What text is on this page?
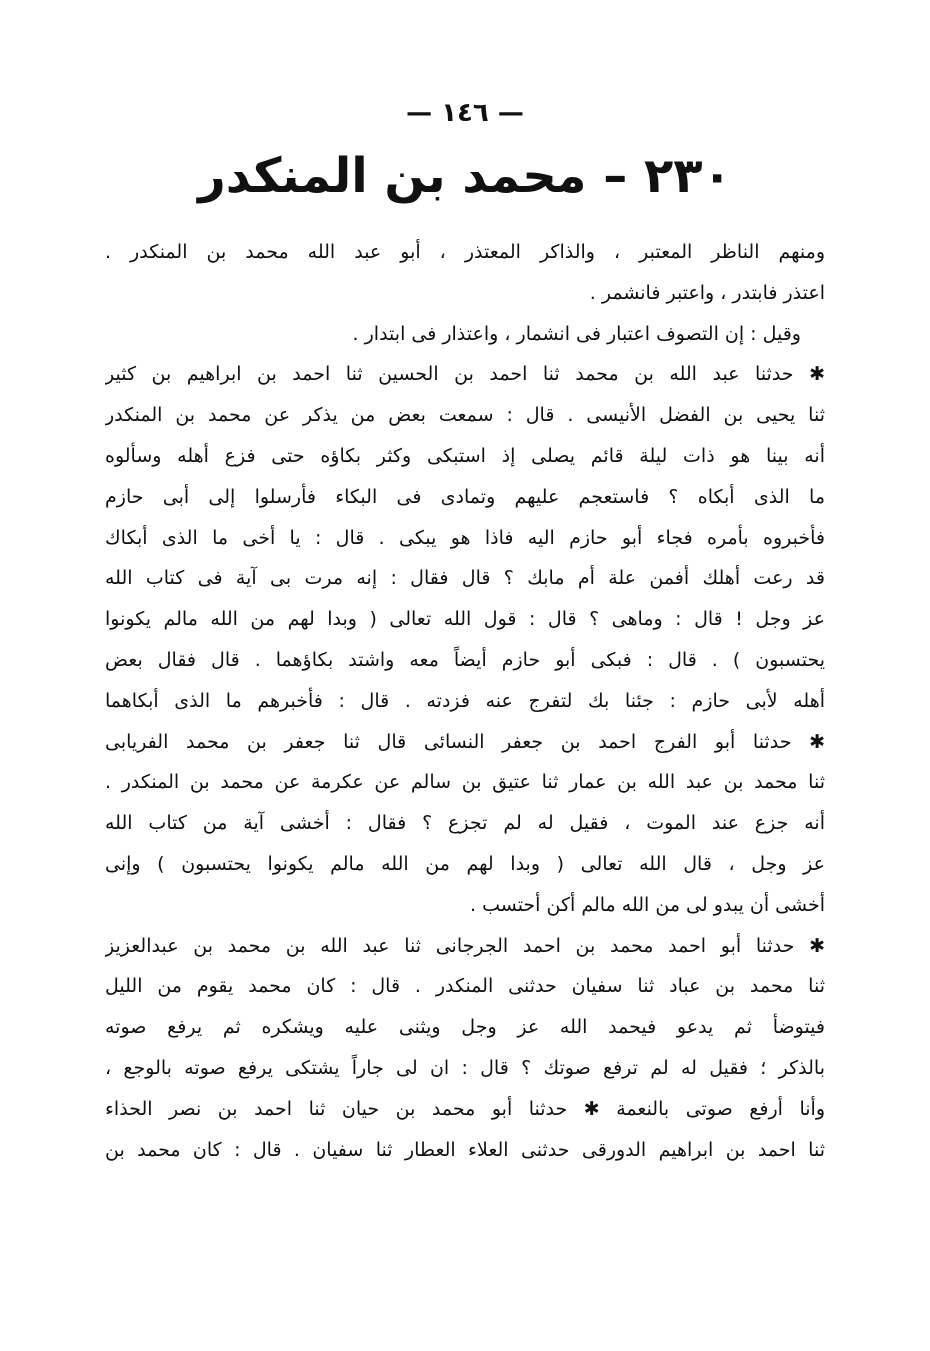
— ١٤٦ —
٢٣٠ – محمد بن المنكدر
ومنهم الناظر المعتبر ، والذاكر المعتذر ، أبو عبد الله محمد بن المنكدر .
اعتذر فابتدر ، واعتبر فانشمر .
وقيل : إن التصوف اعتبار فى انشمار ، واعتذار فى ابتدار .
✱ حدثنا عبد الله بن محمد ثنا احمد بن الحسين ثنا احمد بن ابراهيم بن كثير
ثنا يحيى بن الفضل الأنيسى . قال : سمعت بعض من يذكر عن محمد بن المنكدر
أنه بينا هو ذات ليلة قائم يصلى إذ استبكى وكثر بكاؤه حتى فزع أهله وسألوه
ما الذى أبكاه ؟ فاستعجم عليهم وتمادى فى البكاء فأرسلوا إلى أبى حازم
فأخبروه بأمره فجاء أبو حازم اليه فاذا هو يبكى . قال : يا أخى ما الذى أبكاك
قد رعت أهلك أفمن علة أم مابك ؟ قال فقال : إنه مرت بى آية فى كتاب الله
عز وجل ! قال : وماهى ؟ قال : قول الله تعالى ( وبدا لهم من الله مالم يكونوا
يحتسبون ) . قال : فبكى أبو حازم أيضاً معه واشتد بكاؤهما . قال فقال بعض
أهله لأبى حازم : جئنا بك لتفرج عنه فزدته . قال : فأخبرهم ما الذى أبكاهما
✱ حدثنا أبو الفرج احمد بن جعفر النسائى قال ثنا جعفر بن محمد الفريابى
ثنا محمد بن عبد الله بن عمار ثنا عتيق بن سالم عن عكرمة عن محمد بن المنكدر .
أنه جزع عند الموت ، فقيل له لم تجزع ؟ فقال : أخشى آية من كتاب الله
عز وجل ، قال الله تعالى ( وبدا لهم من الله مالم يكونوا يحتسبون ) وإنى
أخشى أن يبدو لى من الله مالم أكن أحتسب .
✱ حدثنا أبو احمد محمد بن احمد الجرجانى ثنا عبد الله بن محمد بن عبدالعزيز
ثنا محمد بن عباد ثنا سفيان حدثنى المنكدر . قال : كان محمد يقوم من الليل
فيتوضأ ثم يدعو فيحمد الله عز وجل ويثنى عليه ويشكره ثم يرفع صوته
بالذكر ؛ فقيل له لم ترفع صوتك ؟ قال : ان لى جاراً يشتكى يرفع صوته بالوجع ،
وأنا أرفع صوتى بالنعمة ✱ حدثنا أبو محمد بن حيان ثنا احمد بن نصر الحذاء
ثنا احمد بن ابراهيم الدورقى حدثنى العلاء العطار ثنا سفيان . قال : كان محمد بن
